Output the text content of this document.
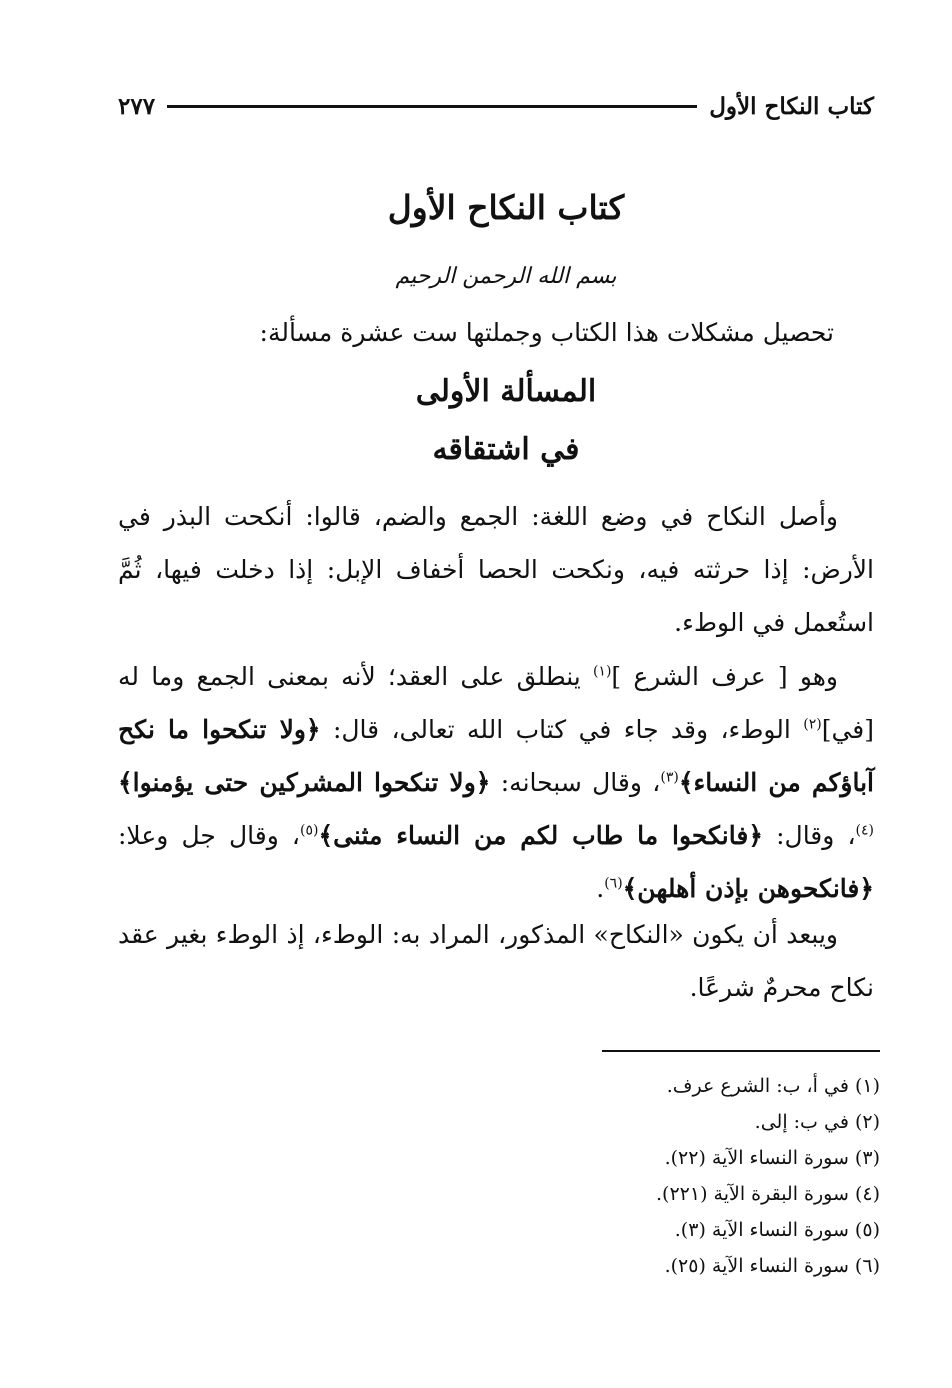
كتاب النكاح الأول
٢٧٧
كتاب النكاح الأول
بسم الله الرحمن الرحيم
تحصيل مشكلات هذا الكتاب وجملتها ست عشرة مسألة:
المسألة الأولى
في اشتقاقه

وأصل النكاح في وضع اللغة: الجمع والضم، قالوا: أنكحت البذر في الأرض: إذا حرثته فيه، ونكحت الحصا أخفاف الإبل: إذا دخلت فيها، ثُمَّ استُعمل في الوطء.

وهو [ عرف الشرع ]$^{(١)}$ ينطلق على العقد؛ لأنه بمعنى الجمع وما له [في]$^{(٢)}$ الوطء، وقد جاء في كتاب الله تعالى، قال: ﴿ولا تنكحوا ما نكح آباؤكم من النساء﴾$^{(٣)}$، وقال سبحانه: ﴿ولا تنكحوا المشركين حتى يؤمنوا﴾$^{(٤)}$، وقال: ﴿فانكحوا ما طاب لكم من النساء مثنى﴾$^{(٥)}$، وقال جل وعلا: ﴿فانكحوهن بإذن أهلهن﴾$^{(٦)}$.

ويبعد أن يكون «النكاح» المذكور، المراد به: الوطء، إذ الوطء بغير عقد نكاح محرمٌ شرعًا.

(١) في أ، ب: الشرع عرف.
(٢) في ب: إلى.
(٣) سورة النساء الآية (٢٢).
(٤) سورة البقرة الآية (٢٢١).
(٥) سورة النساء الآية (٣).
(٦) سورة النساء الآية (٢٥).
